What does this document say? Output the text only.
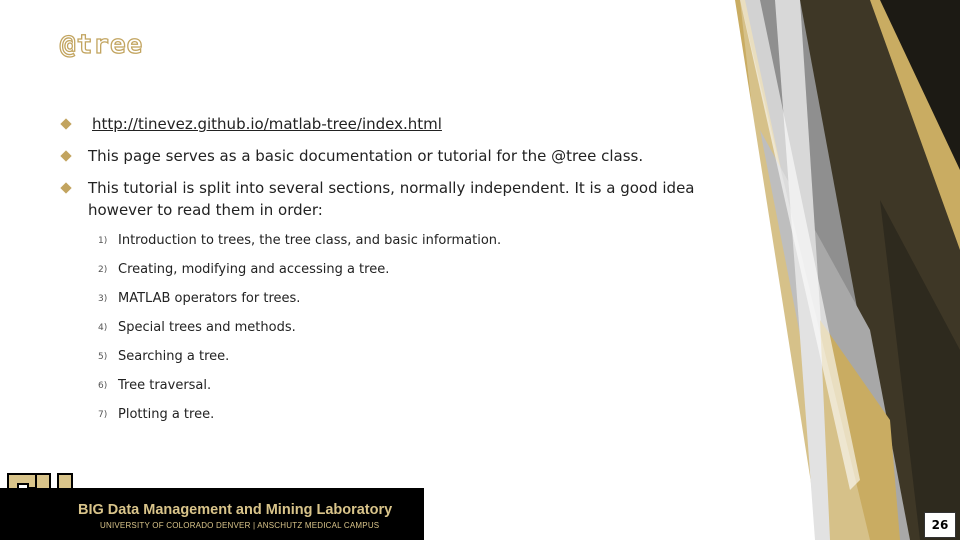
@tree
http://tinevez.github.io/matlab-tree/index.html
This page serves as a basic documentation or tutorial for the @tree class.
This tutorial is split into several sections, normally independent. It is a good idea however to read them in order:
1) Introduction to trees, the tree class, and basic information.
2) Creating, modifying and accessing a tree.
3) MATLAB operators for trees.
4) Special trees and methods.
5) Searching a tree.
6) Tree traversal.
7) Plotting a tree.
BIG Data Management and Mining Laboratory
UNIVERSITY OF COLORADO DENVER | ANSCHUTZ MEDICAL CAMPUS	26
